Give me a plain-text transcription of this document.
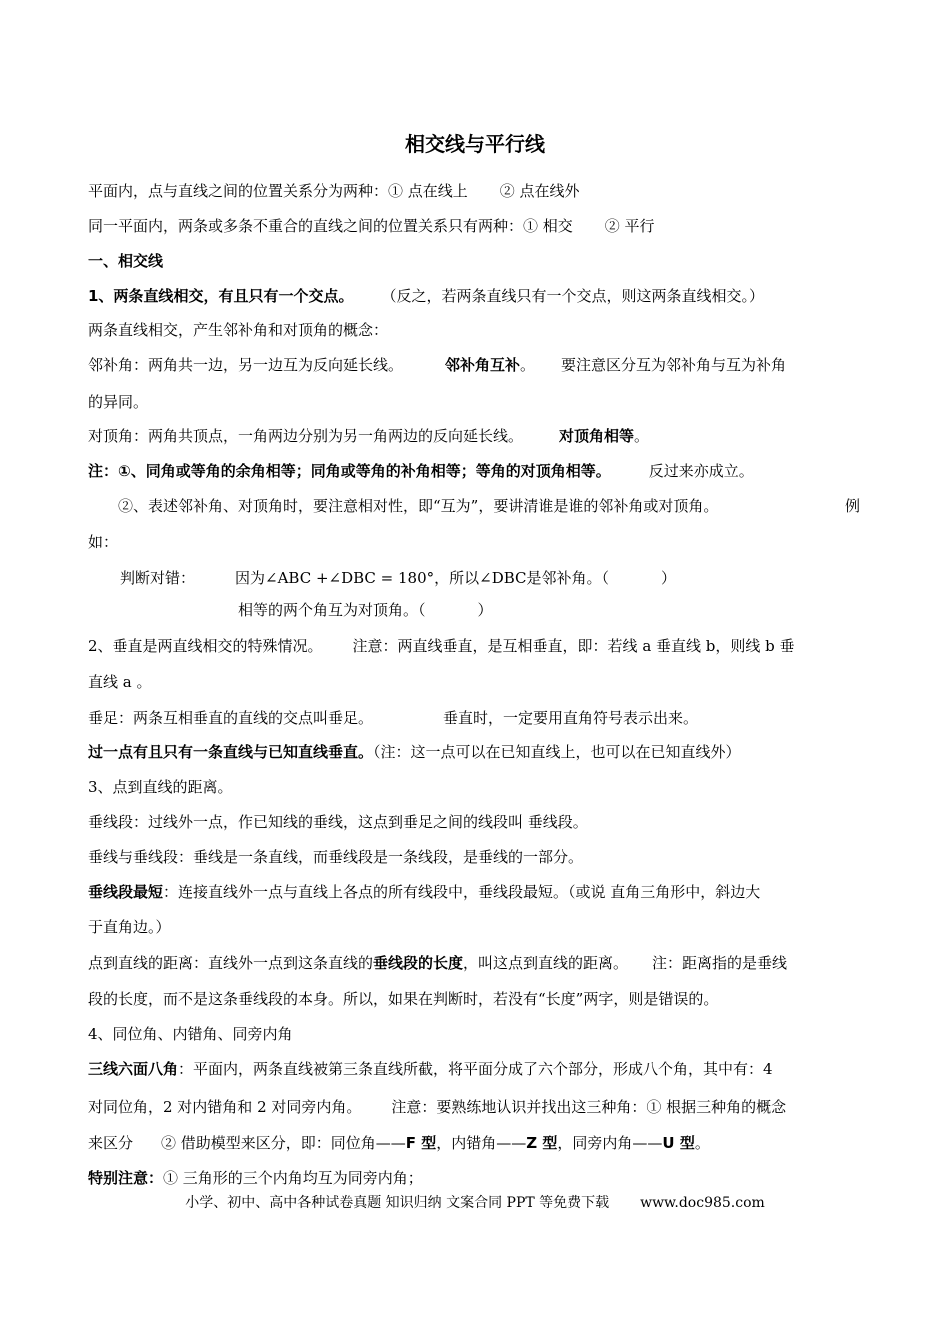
相交线与平行线
平面内，点与直线之间的位置关系分为两种：① 点在线上 ② 点在线外
同一平面内，两条或多条不重合的直线之间的位置关系只有两种：① 相交 ② 平行
一、相交线
1、两条直线相交，有且只有一个交点。 （反之，若两条直线只有一个交点，则这两条直线相交。）
两条直线相交，产生邻补角和对顶角的概念：
邻补角：两角共一边，另一边互为反向延长线。	邻补角互补。 要注意区分互为邻补角与互为补角
的异同。
对顶角：两角共顶点，一角两边分别为另一角两边的反向延长线。 对顶角相等。
注：①、同角或等角的余角相等；同角或等角的补角相等；等角的对顶角相等。	反过来亦成立。
②、表述邻补角、对顶角时，要注意相对性，即“互为”，要讲清谁是谁的邻补角或对顶角。	例
如：
判断对错：	因为∠ABC +∠DBC = 180°，所以∠DBC是邻补角。（	）
相等的两个角互为对顶角。（	）
2、垂直是两直线相交的特殊情况。 注意：两直线垂直，是互相垂直，即：若线 a 垂直线 b，则线 b 垂
直线 a 。
垂足：两条互相垂直的直线的交点叫垂足。	垂直时，一定要用直角符号表示出来。
过一点有且只有一条直线与已知直线垂直。（注：这一点可以在已知直线上，也可以在已知直线外）
3、点到直线的距离。
垂线段：过线外一点，作已知线的垂线，这点到垂足之间的线段叫 垂线段。
垂线与垂线段：垂线是一条直线，而垂线段是一条线段，是垂线的一部分。
垂线段最短：连接直线外一点与直线上各点的所有线段中，垂线段最短。（或说 直角三角形中，斜边大
于直角边。）
点到直线的距离：直线外一点到这条直线的垂线段的长度，叫这点到直线的距离。 注：距离指的是垂线
段的长度，而不是这条垂线段的本身。所以，如果在判断时，若没有“长度”两字，则是错误的。
4、同位角、内错角、同旁内角
三线六面八角：平面内，两条直线被第三条直线所截，将平面分成了六个部分，形成八个角，其中有：4
对同位角，2 对内错角和 2 对同旁内角。 注意：要熟练地认识并找出这三种角：① 根据三种角的概念
来区分 ② 借助模型来区分，即：同位角——F 型，内错角——Z 型，同旁内角——U 型。
特别注意：① 三角形的三个内角均互为同旁内角；
小学、初中、高中各种试卷真题 知识归纳 文案合同 PPT 等免费下载 www.doc985.com
